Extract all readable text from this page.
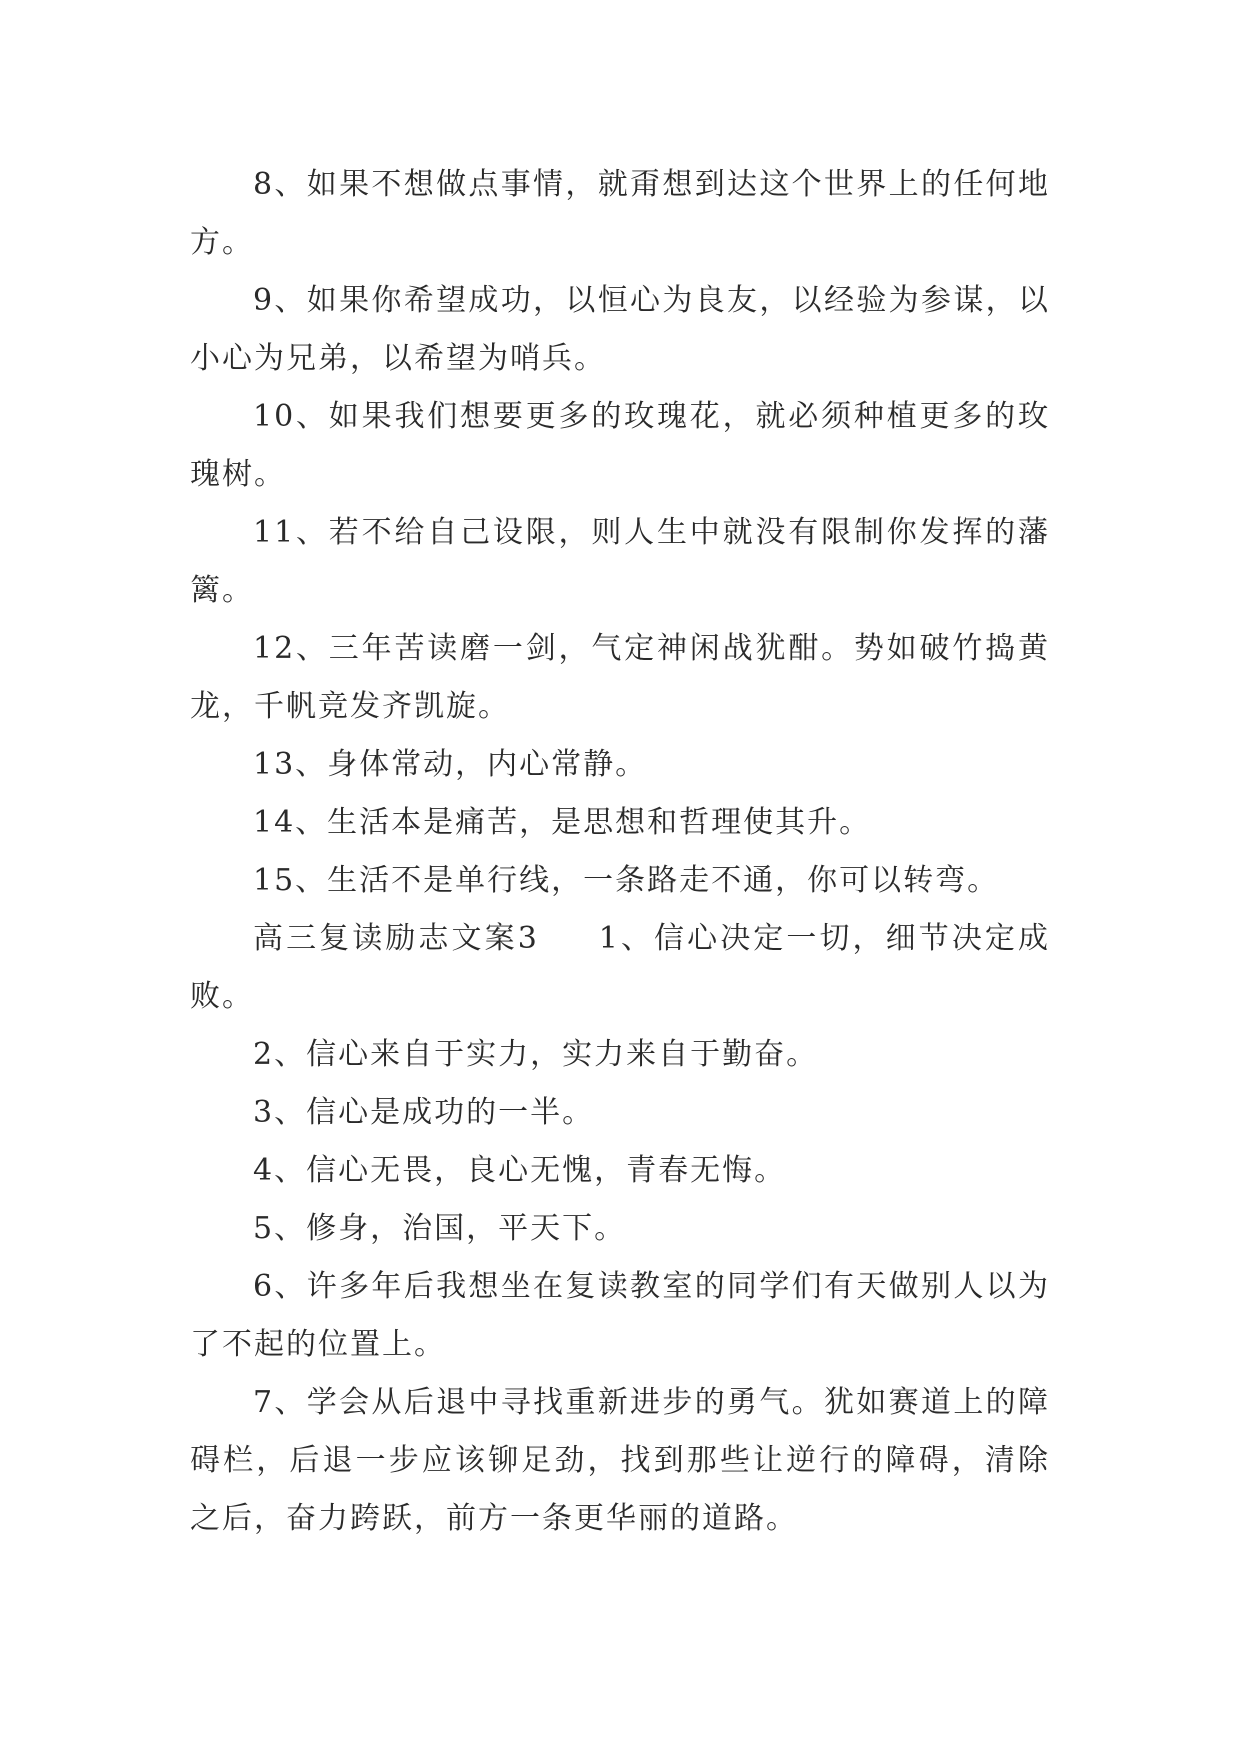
8、如果不想做点事情，就甭想到达这个世界上的任何地方。

9、如果你希望成功，以恒心为良友，以经验为参谋，以小心为兄弟，以希望为哨兵。

10、如果我们想要更多的玫瑰花，就必须种植更多的玫瑰树。

11、若不给自己设限，则人生中就没有限制你发挥的藩篱。

12、三年苦读磨一剑，气定神闲战犹酣。势如破竹捣黄龙，千帆竞发齐凯旋。

13、身体常动，内心常静。

14、生活本是痛苦，是思想和哲理使其升。

15、生活不是单行线，一条路走不通，你可以转弯。

高三复读励志文案3 1、信心决定一切，细节决定成败。

2、信心来自于实力，实力来自于勤奋。

3、信心是成功的一半。

4、信心无畏，良心无愧，青春无悔。

5、修身，治国，平天下。

6、许多年后我想坐在复读教室的同学们有天做别人以为了不起的位置上。

7、学会从后退中寻找重新进步的勇气。犹如赛道上的障碍栏，后退一步应该铆足劲，找到那些让逆行的障碍，清除之后，奋力跨跃，前方一条更华丽的道路。
